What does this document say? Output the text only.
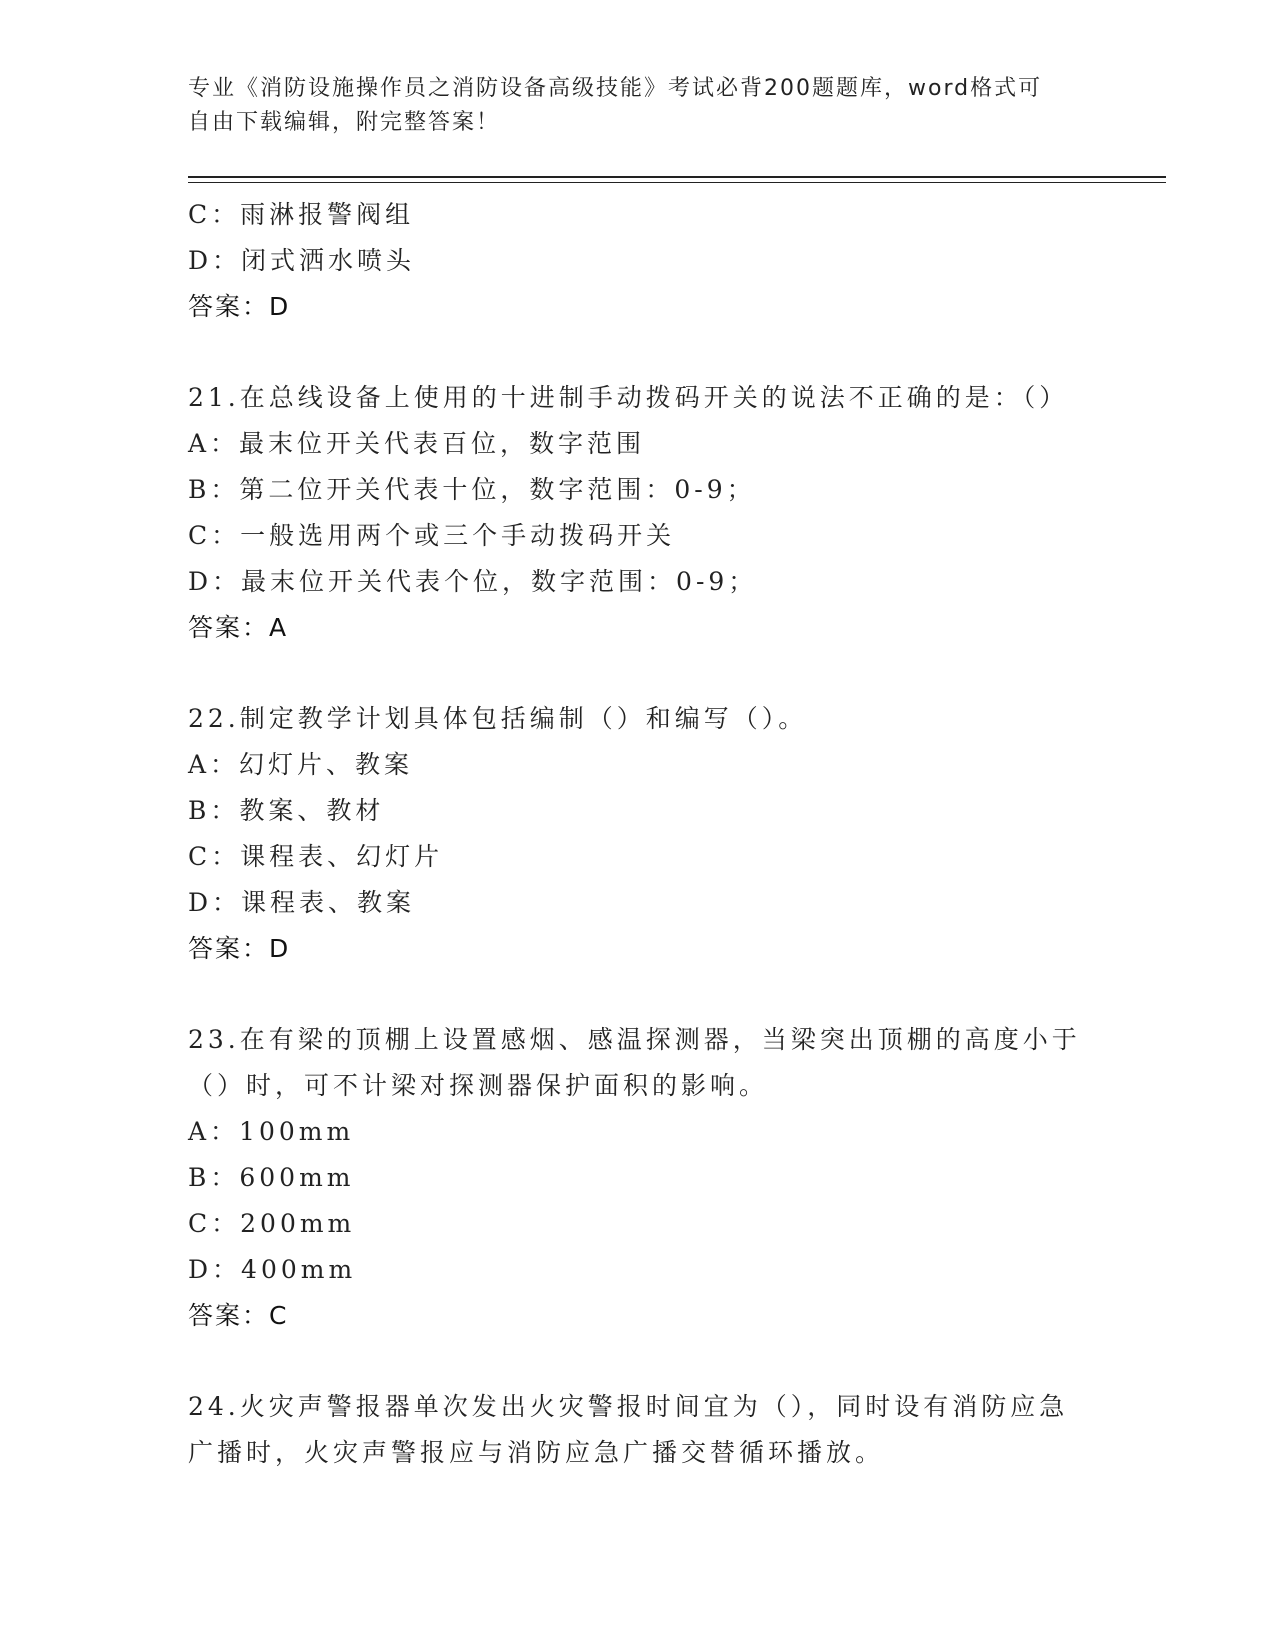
专业《消防设施操作员之消防设备高级技能》考试必背200题题库，word格式可
自由下载编辑，附完整答案！
C：雨淋报警阀组
D：闭式洒水喷头
答案：D
21.在总线设备上使用的十进制手动拨码开关的说法不正确的是：（）
A：最末位开关代表百位，数字范围
B：第二位开关代表十位，数字范围：0-9；
C：一般选用两个或三个手动拨码开关
D：最末位开关代表个位，数字范围：0-9；
答案：A
22.制定教学计划具体包括编制（）和编写（）。
A：幻灯片、教案
B：教案、教材
C：课程表、幻灯片
D：课程表、教案
答案：D
23.在有梁的顶棚上设置感烟、感温探测器，当梁突出顶棚的高度小于
（）时，可不计梁对探测器保护面积的影响。
A：100mm
B：600mm
C：200mm
D：400mm
答案：C
24.火灾声警报器单次发出火灾警报时间宜为（），同时设有消防应急
广播时，火灾声警报应与消防应急广播交替循环播放。
